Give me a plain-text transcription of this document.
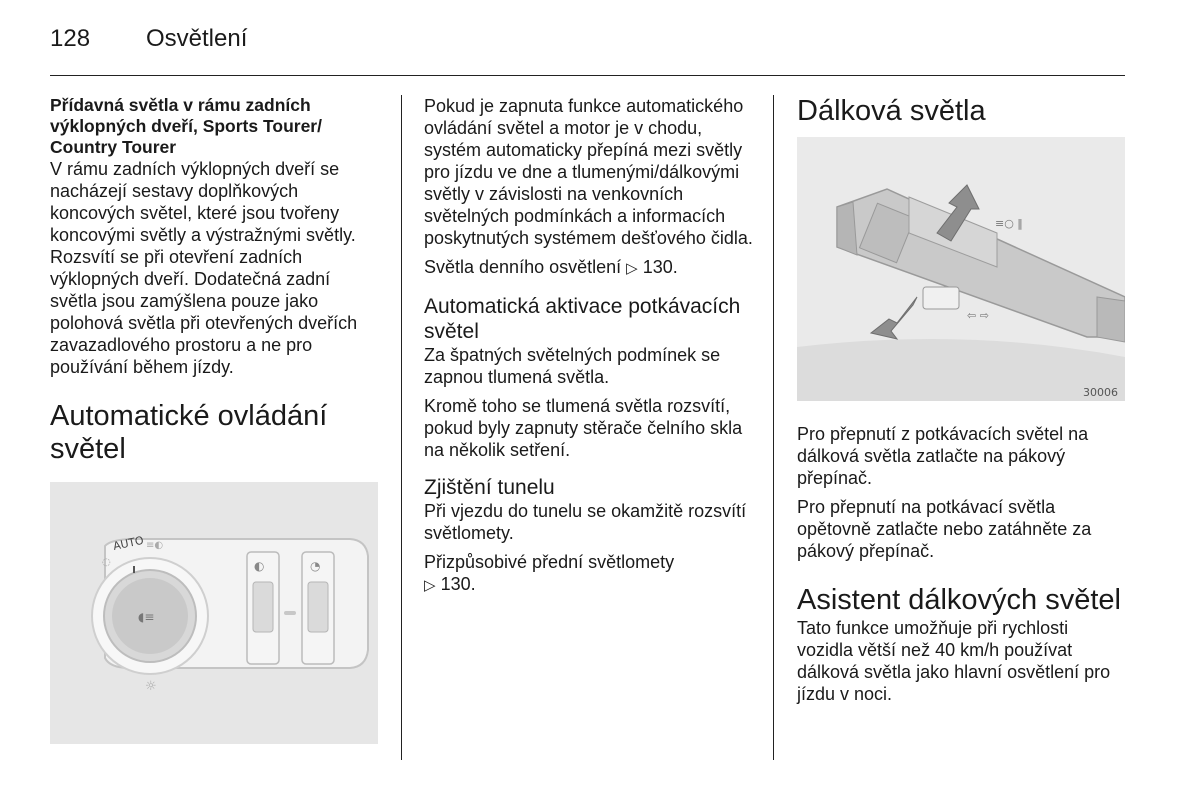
128 Osvětlení
Přídavná světla v rámu zadních výklopných dveří, Sports Tourer/ Country Tourer

V rámu zadních výklopných dveří se nacházejí sestavy doplňkových koncových světel, které jsou tvořeny koncovými světly a výstražnými světly. Rozsvítí se při otevření zadních výklopných dveří. Dodatečná zadní světla jsou zamýšlena pouze jako polohová světla při otevřených dveřích zavazadlového prostoru a ne pro používání během jízdy.

Automatické ovládání
světel
◖≡
AUTO
◌
≡◐
☼
◐	◔

Pokud je zapnuta funkce automatického ovládání světel a motor je v chodu, systém automaticky přepíná mezi světly pro jízdu ve dne a tlumenými/dálkovými světly v závislosti na venkovních světelných podmínkách a informacích poskytnutých systémem dešťového čidla.

Světla denního osvětlení ▷ 130.

Automatická aktivace potkávacích světel

Za špatných světelných podmínek se zapnou tlumená světla.

Kromě toho se tlumená světla rozsvítí, pokud byly zapnuty stěrače čelního skla na několik setření.

Zjištění tunelu

Při vjezdu do tunelu se okamžitě rozsvítí světlomety.

Přizpůsobivé přední světlomety
▷ 130.

Dálková světla
≡○ ‖
⇦ ⇨
30006

Pro přepnutí z potkávacích světel na dálková světla zatlačte na pákový přepínač.

Pro přepnutí na potkávací světla opětovně zatlačte nebo zatáhněte za pákový přepínač.

Asistent dálkových světel

Tato funkce umožňuje při rychlosti vozidla větší než 40 km/h používat dálková světla jako hlavní osvětlení pro jízdu v noci.
